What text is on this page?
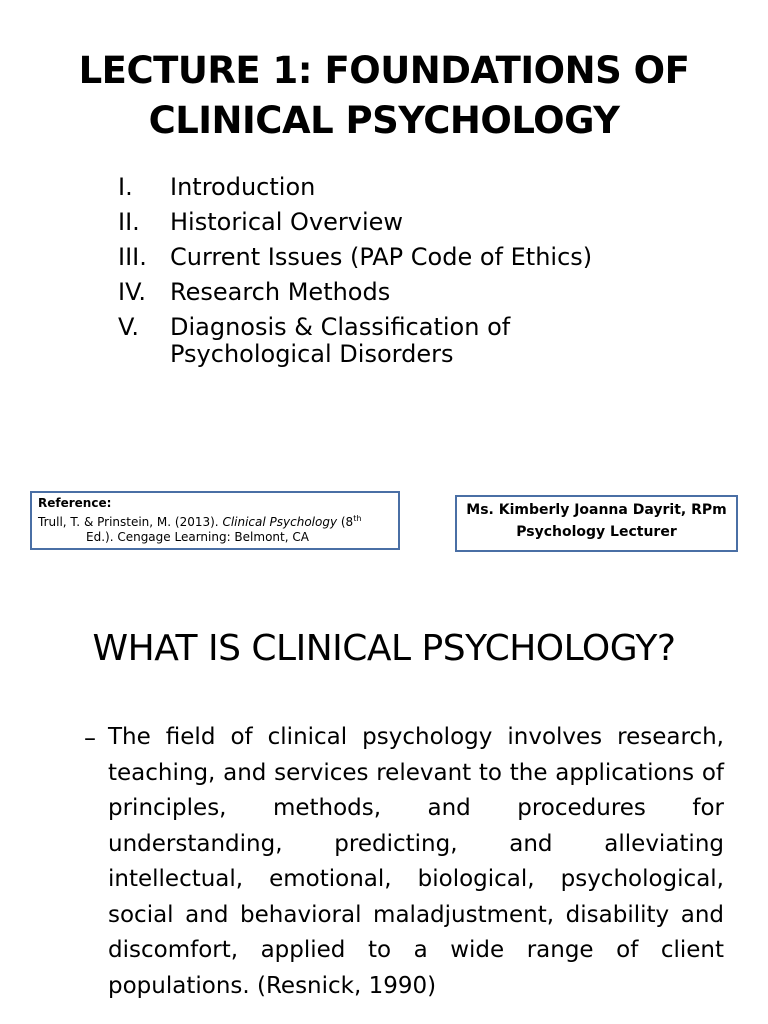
LECTURE 1: FOUNDATIONS OF
CLINICAL PSYCHOLOGY
I. Introduction
II. Historical Overview
III. Current Issues (PAP Code of Ethics)
IV. Research Methods
V. Diagnosis & Classification of Psychological Disorders
Reference:
Trull, T. & Prinstein, M. (2013). Clinical Psychology (8th
Ed.). Cengage Learning: Belmont, CA
Ms. Kimberly Joanna Dayrit, RPm
Psychology Lecturer
WHAT IS CLINICAL PSYCHOLOGY?
– The field of clinical psychology involves research, teaching, and services relevant to the applications of principles, methods, and procedures for understanding, predicting, and alleviating intellectual, emotional, biological, psychological, social and behavioral maladjustment, disability and discomfort, applied to a wide range of client populations. (Resnick, 1990)
